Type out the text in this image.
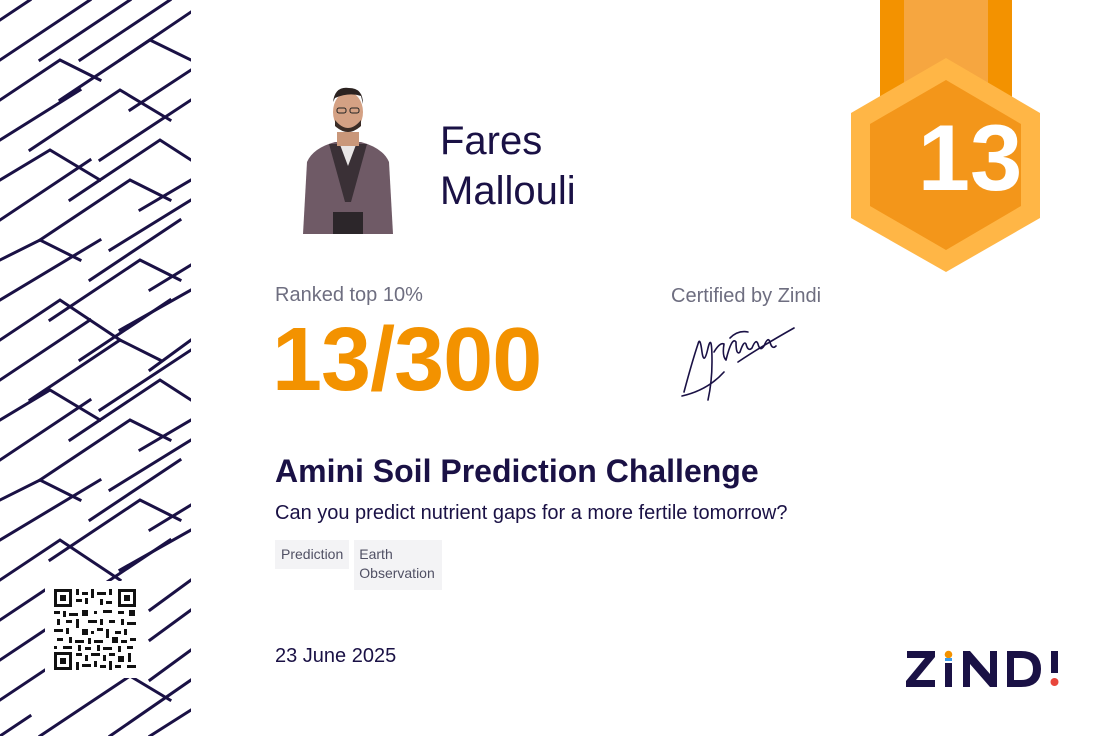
Fares
Mallouli	13
Ranked top 10%
13/300
Certified by Zindi
Amini Soil Prediction Challenge
Can you predict nutrient gaps for a more fertile tomorrow?
Prediction	Earth Observation
23 June 2025
